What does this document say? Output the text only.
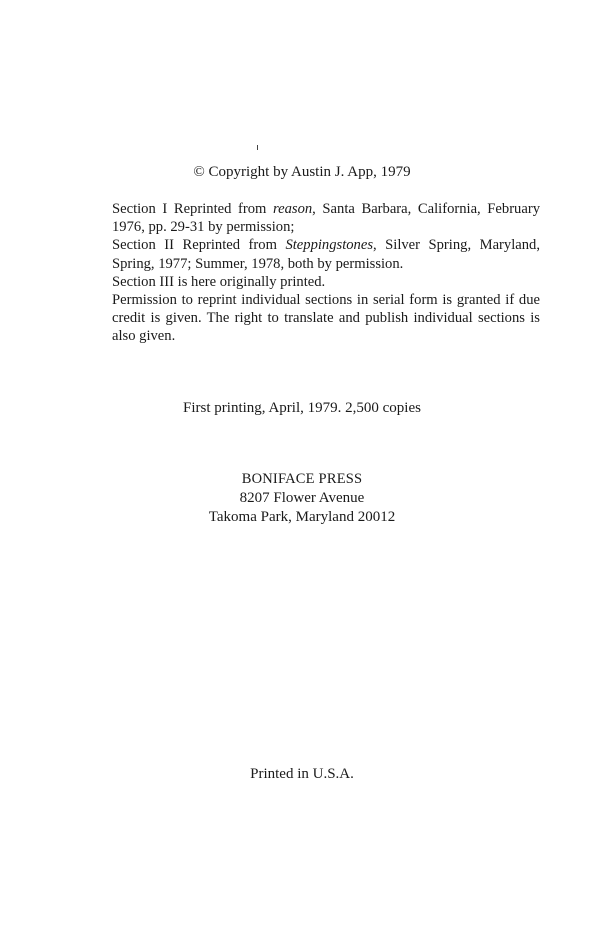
© Copyright by Austin J. App, 1979

Section I Reprinted from reason, Santa Barbara, California, February 1976, pp. 29-31 by permission;

Section II Reprinted from Steppingstones, Silver Spring, Maryland, Spring, 1977; Summer, 1978, both by permission.

Section III is here originally printed.

Permission to reprint individual sections in serial form is granted if due credit is given. The right to translate and publish individual sections is also given.

First printing, April, 1979. 2,500 copies
BONIFACE PRESS
8207 Flower Avenue
Takoma Park, Maryland 20012
Printed in U.S.A.
